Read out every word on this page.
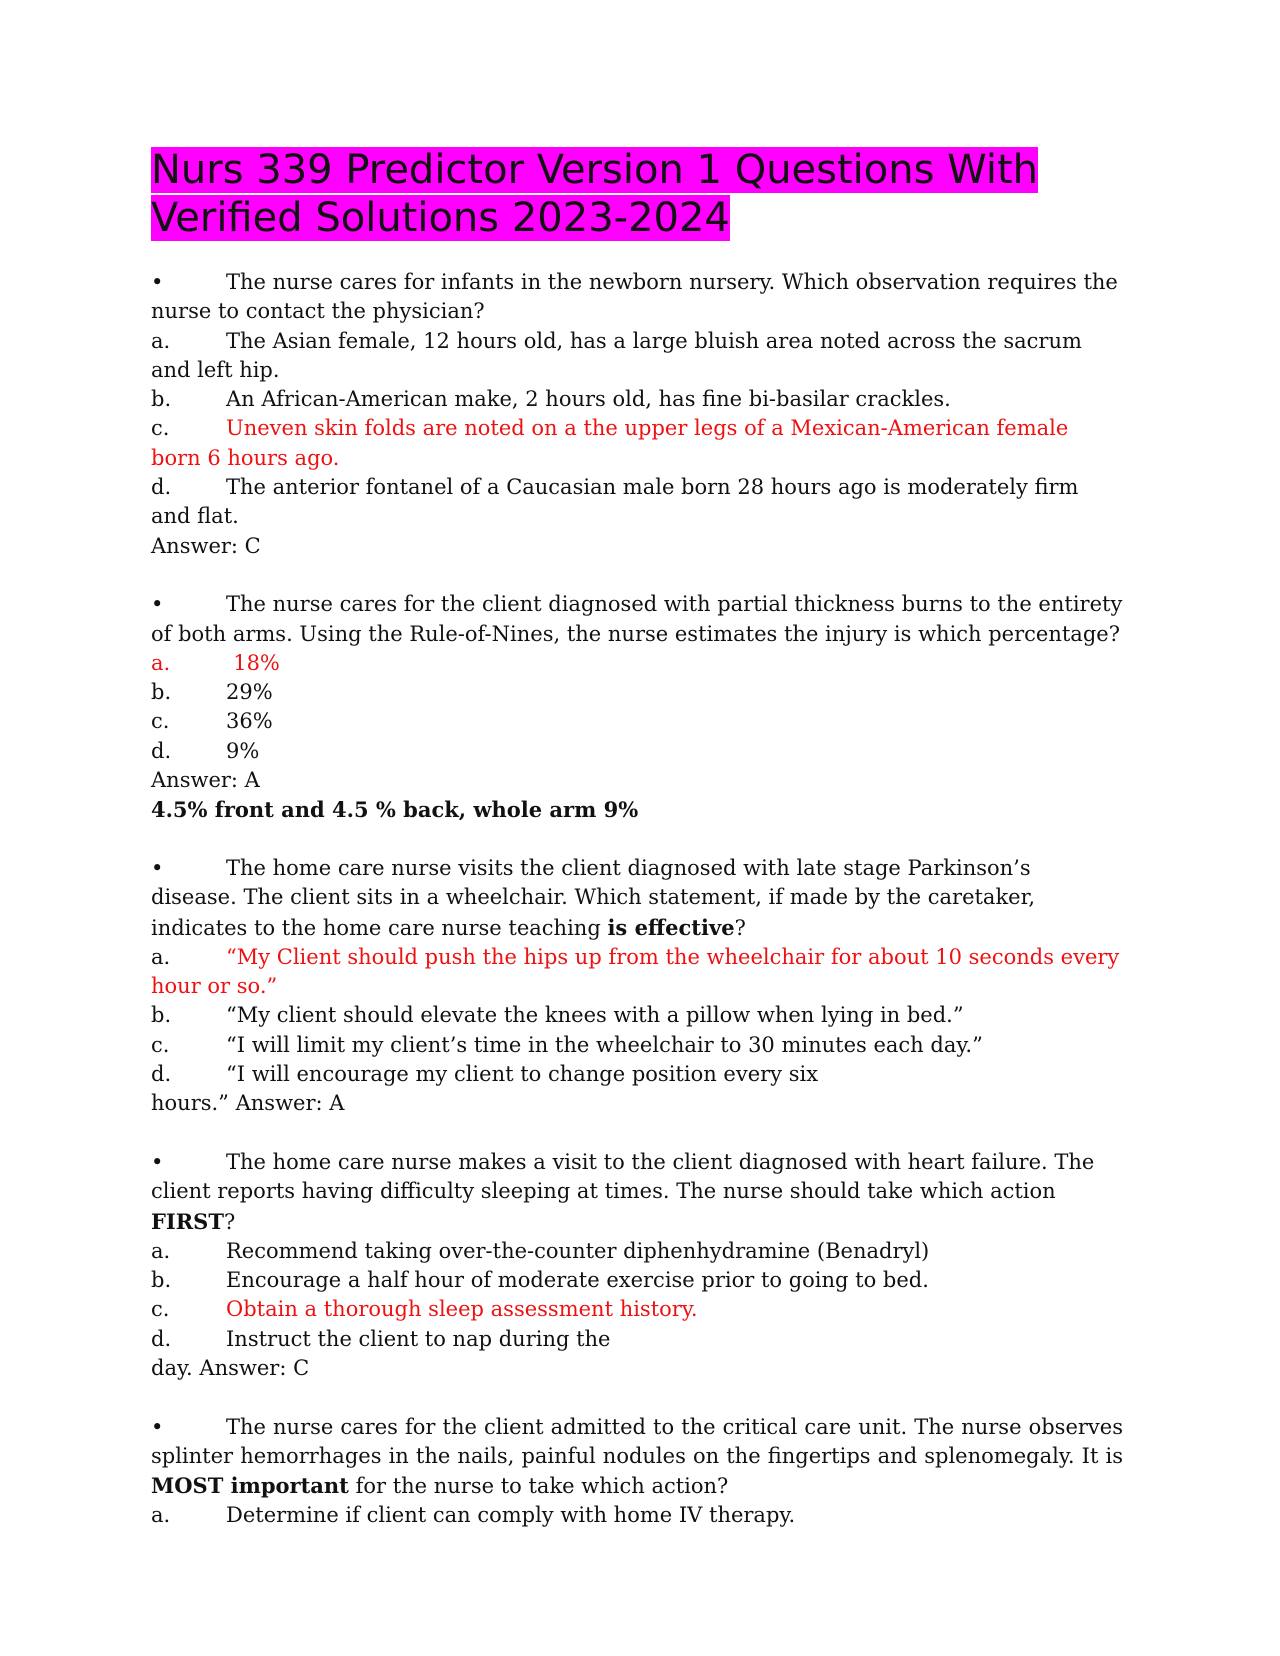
Nurs 339 Predictor Version 1 Questions With
Verified Solutions 2023-2024
•	The nurse cares for infants in the newborn nursery. Which observation requires the nurse to contact the physician?
a.	The Asian female, 12 hours old, has a large bluish area noted across the sacrum and left hip.
b.	An African-American make, 2 hours old, has fine bi-basilar crackles.
c.	Uneven skin folds are noted on a the upper legs of a Mexican-American female born 6 hours ago.
d.	The anterior fontanel of a Caucasian male born 28 hours ago is moderately firm and flat.
Answer: C
•	The nurse cares for the client diagnosed with partial thickness burns to the entirety of both arms. Using the Rule-of-Nines, the nurse estimates the injury is which percentage? a.	18%
b.	29%
c.	36%
d.	9%
Answer: A
4.5% front and 4.5 % back, whole arm 9%
•	The home care nurse visits the client diagnosed with late stage Parkinson’s disease. The client sits in a wheelchair. Which statement, if made by the caretaker, indicates to the home care nurse teaching is effective?
a.	“My Client should push the hips up from the wheelchair for about 10 seconds every hour or so.”
b.	“My client should elevate the knees with a pillow when lying in bed.”
c.	“I will limit my client’s time in the wheelchair to 30 minutes each day.”
d.	“I will encourage my client to change position every six
hours.” Answer: A
•	The home care nurse makes a visit to the client diagnosed with heart failure. The client reports having difficulty sleeping at times. The nurse should take which action FIRST?
a.	Recommend taking over-the-counter diphenhydramine (Benadryl)
b.	Encourage a half hour of moderate exercise prior to going to bed.
c.	Obtain a thorough sleep assessment history.
d.	Instruct the client to nap during the
day. Answer: C
•	The nurse cares for the client admitted to the critical care unit. The nurse observes splinter hemorrhages in the nails, painful nodules on the fingertips and splenomegaly. It is MOST important for the nurse to take which action?
a.	Determine if client can comply with home IV therapy.
